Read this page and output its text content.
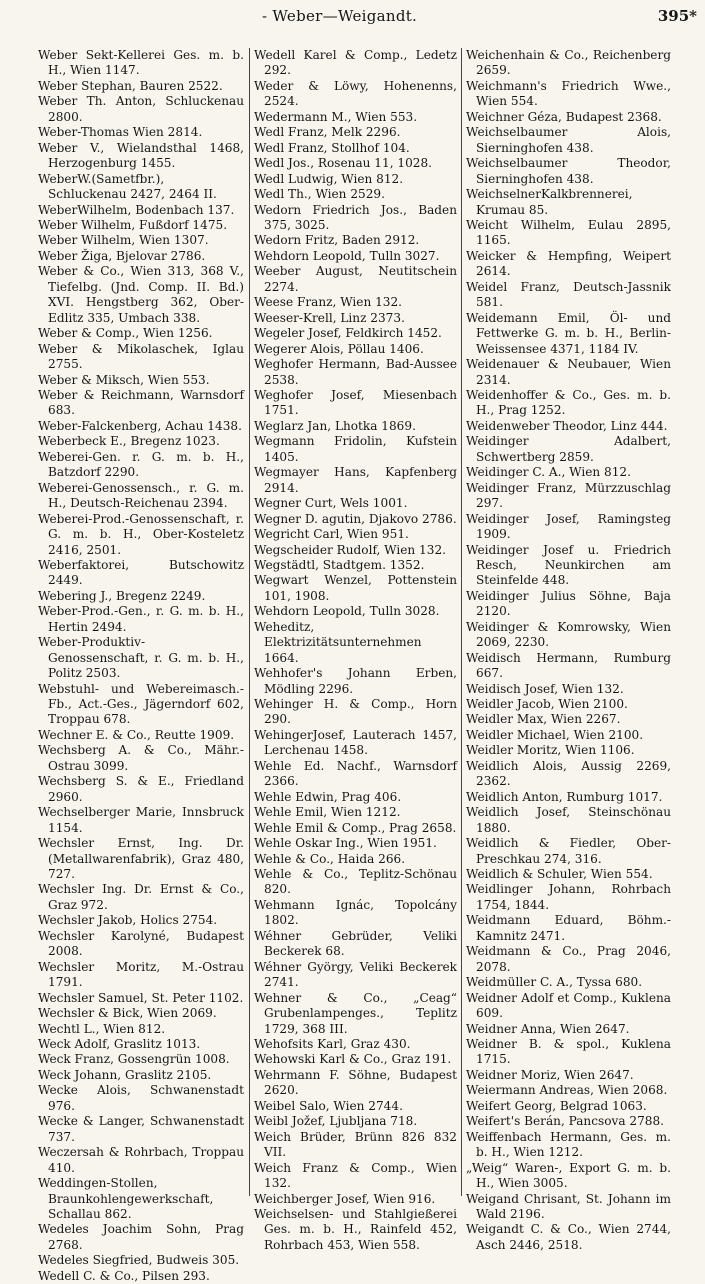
- Weber—Weigandt.	395*
Weber Sekt-Kellerei Ges. m. b. H., Wien 1147.
Weber Stephan, Bauren 2522.
Weber Th. Anton, Schluckenau 2800.
Weber-Thomas Wien 2814.
Weber V., Wielandsthal 1468, Herzogenburg 1455.
WeberW.(Sametfbr.), Schluckenau 2427, 2464 II.
WeberWilhelm, Bodenbach 137.
Weber Wilhelm, Fußdorf 1475.
Weber Wilhelm, Wien 1307.
Weber Žiga, Bjelovar 2786.
Weber & Co., Wien 313, 368 V., Tiefelbg. (Jnd. Comp. II. Bd.) XVI. Hengstberg 362, Ober-Edlitz 335, Umbach 338.
Weber & Comp., Wien 1256.
Weber & Mikolaschek, Iglau 2755.
Weber & Miksch, Wien 553.
Weber & Reichmann, Warnsdorf 683.
Weber-Falckenberg, Achau 1438.
Weberbeck E., Bregenz 1023.
Weberei-Gen. r. G. m. b. H., Batzdorf 2290.
Weberei-Genossensch., r. G. m. H., Deutsch-Reichenau 2394.
Weberei-Prod.-Genossenschaft, r. G. m. b. H., Ober-Kosteletz 2416, 2501.
Weberfaktorei, Butschowitz 2449.
Webering J., Bregenz 2249.
Weber-Prod.-Gen., r. G. m. b. H., Hertin 2494.
Weber-Produktiv-Genossenschaft, r. G. m. b. H., Politz 2503.
Webstuhl- und Webereimasch.-Fb., Act.-Ges., Jägerndorf 602, Troppau 678.
Wechner E. & Co., Reutte 1909.
Wechsberg A. & Co., Mähr.-Ostrau 3099.
Wechsberg S. & E., Friedland 2960.
Wechselberger Marie, Innsbruck 1154.
Wechsler Ernst, Ing. Dr. (Metallwarenfabrik), Graz 480, 727.
Wechsler Ing. Dr. Ernst & Co., Graz 972.
Wechsler Jakob, Holics 2754.
Wechsler Karolyné, Budapest 2008.
Wechsler Moritz, M.-Ostrau 1791.
Wechsler Samuel, St. Peter 1102.
Wechsler & Bick, Wien 2069.
Wechtl L., Wien 812.
Weck Adolf, Graslitz 1013.
Weck Franz, Gossengrün 1008.
Weck Johann, Graslitz 2105.
Wecke Alois, Schwanenstadt 976.
Wecke & Langer, Schwanenstadt 737.
Weczersah & Rohrbach, Troppau 410.
Weddingen-Stollen, Braunkohlengewerkschaft, Schallau 862.
Wedeles Joachim Sohn, Prag 2768.
Wedeles Siegfried, Budweis 305.
Wedell C. & Co., Pilsen 293.
Wedell Karel & Comp., Ledetz 292.
Weder & Löwy, Hohenenns, 2524.
Wedermann M., Wien 553.
Wedl Franz, Melk 2296.
Wedl Franz, Stollhof 104.
Wedl Jos., Rosenau 11, 1028.
Wedl Ludwig, Wien 812.
Wedl Th., Wien 2529.
Wedorn Friedrich Jos., Baden 375, 3025.
Wedorn Fritz, Baden 2912.
Wehdorn Leopold, Tulln 3027.
Weeber August, Neutitschein 2274.
Weese Franz, Wien 132.
Weeser-Krell, Linz 2373.
Wegeler Josef, Feldkirch 1452.
Wegerer Alois, Pöllau 1406.
Weghofer Hermann, Bad-Aussee 2538.
Weghofer Josef, Miesenbach 1751.
Weglarz Jan, Lhotka 1869.
Wegmann Fridolin, Kufstein 1405.
Wegmayer Hans, Kapfenberg 2914.
Wegner Curt, Wels 1001.
Wegner D. agutin, Djakovo 2786.
Wegricht Carl, Wien 951.
Wegscheider Rudolf, Wien 132.
Wegstädtl, Stadtgem. 1352.
Wegwart Wenzel, Pottenstein 101, 1908.
Wehdorn Leopold, Tulln 3028.
Weheditz, Elektrizitätsunternehmen 1664.
Wehhofer's Johann Erben, Mödling 2296.
Wehinger H. & Comp., Horn 290.
WehingerJosef, Lauterach 1457, Lerchenau 1458.
Wehle Ed. Nachf., Warnsdorf 2366.
Wehle Edwin, Prag 406.
Wehle Emil, Wien 1212.
Wehle Emil & Comp., Prag 2658.
Wehle Oskar Ing., Wien 1951.
Wehle & Co., Haida 266.
Wehle & Co., Teplitz-Schönau 820.
Wehmann Ignác, Topolcány 1802.
Wéhner Gebrüder, Veliki Beckerek 68.
Wéhner György, Veliki Beckerek 2741.
Wehner & Co., „Ceag“ Grubenlampenges., Teplitz 1729, 368 III.
Wehofsits Karl, Graz 430.
Wehowski Karl & Co., Graz 191.
Wehrmann F. Söhne, Budapest 2620.
Weibel Salo, Wien 2744.
Weibl Jožef, Ljubljana 718.
Weich Brüder, Brünn 826 832 VII.
Weich Franz & Comp., Wien 132.
Weichberger Josef, Wien 916.
Weichselsen- und Stahlgießerei Ges. m. b. H., Rainfeld 452, Rohrbach 453, Wien 558.
Weichenhain & Co., Reichenberg 2659.
Weichmann's Friedrich Wwe., Wien 554.
Weichner Géza, Budapest 2368.
Weichselbaumer Alois, Sierninghofen 438.
Weichselbaumer Theodor, Sierninghofen 438.
WeichselnerKalkbrennerei, Krumau 85.
Weicht Wilhelm, Eulau 2895, 1165.
Weicker & Hempfing, Weipert 2614.
Weidel Franz, Deutsch-Jassnik 581.
Weidemann Emil, Öl- und Fettwerke G. m. b. H., Berlin-Weissensee 4371, 1184 IV.
Weidenauer & Neubauer, Wien 2314.
Weidenhoffer & Co., Ges. m. b. H., Prag 1252.
Weidenweber Theodor, Linz 444.
Weidinger Adalbert, Schwertberg 2859.
Weidinger C. A., Wien 812.
Weidinger Franz, Mürzzuschlag 297.
Weidinger Josef, Ramingsteg 1909.
Weidinger Josef u. Friedrich Resch, Neunkirchen am Steinfelde 448.
Weidinger Julius Söhne, Baja 2120.
Weidinger & Komrowsky, Wien 2069, 2230.
Weidisch Hermann, Rumburg 667.
Weidisch Josef, Wien 132.
Weidler Jacob, Wien 2100.
Weidler Max, Wien 2267.
Weidler Michael, Wien 2100.
Weidler Moritz, Wien 1106.
Weidlich Alois, Aussig 2269, 2362.
Weidlich Anton, Rumburg 1017.
Weidlich Josef, Steinschönau 1880.
Weidlich & Fiedler, Ober-Preschkau 274, 316.
Weidlich & Schuler, Wien 554.
Weidlinger Johann, Rohrbach 1754, 1844.
Weidmann Eduard, Böhm.-Kamnitz 2471.
Weidmann & Co., Prag 2046, 2078.
Weidmüller C. A., Tyssa 680.
Weidner Adolf et Comp., Kuklena 609.
Weidner Anna, Wien 2647.
Weidner B. & spol., Kuklena 1715.
Weidner Moriz, Wien 2647.
Weiermann Andreas, Wien 2068.
Weifert Georg, Belgrad 1063.
Weifert's Berán, Pancsova 2788.
Weiffenbach Hermann, Ges. m. b. H., Wien 1212.
„Weig“ Waren-, Export G. m. b. H., Wien 3005.
Weigand Chrisant, St. Johann im Wald 2196.
Weigandt C. & Co., Wien 2744, Asch 2446, 2518.
